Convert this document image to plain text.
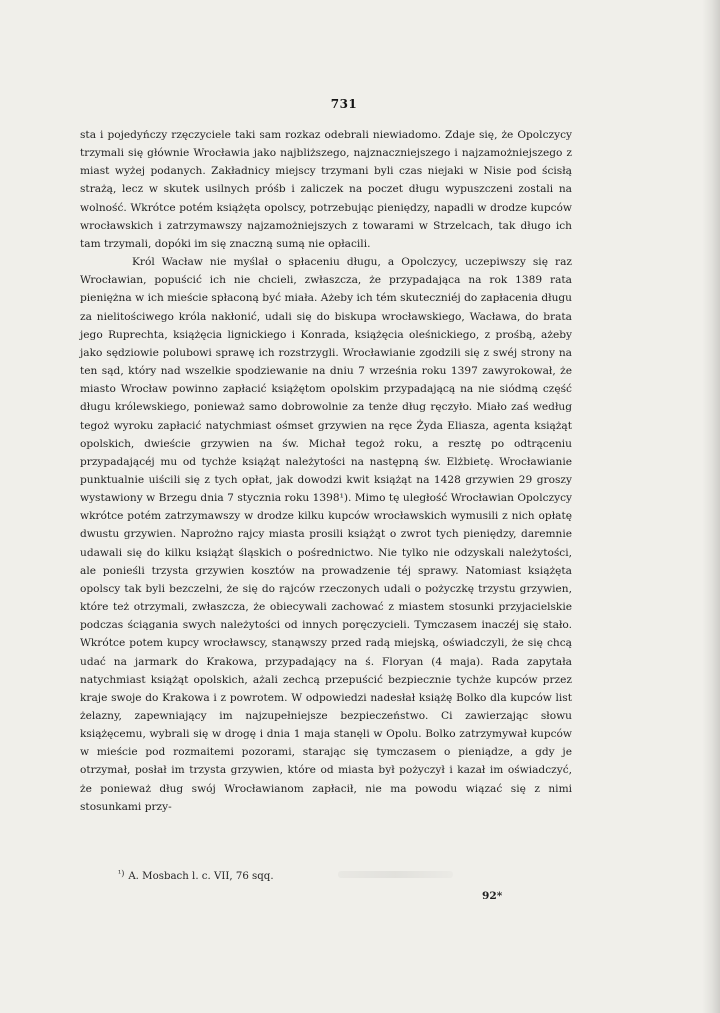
731

sta i pojedyńczy rzęczyciele taki sam rozkaz odebrali niewiadomo. Zdaje się, że Opolczycy trzymali się głównie Wrocławia jako najbliższego, najznaczniejszego i najzamożniejszego z miast wyżej podanych. Zakładnicy miejscy trzymani byli czas niejaki w Nisie pod ścisłą strażą, lecz w skutek usilnych próśb i zaliczek na poczet długu wypuszczeni zostali na wolność. Wkrótce potém książęta opolscy, potrzebując pieniędzy, napadli w drodze kupców wrocławskich i zatrzymawszy najzamożniejszych z towarami w Strzelcach, tak długo ich tam trzymali, dopóki im się znaczną sumą nie opłacili.

Król Wacław nie myślał o spłaceniu długu, a Opolczycy, uczepiwszy się raz Wrocławian, popuścić ich nie chcieli, zwłaszcza, że przypadająca na rok 1389 rata pieniężna w ich mieście spłaconą być miała. Ażeby ich tém skuteczniéj do zapłacenia długu za nielitościwego króla nakłonić, udali się do biskupa wrocławskiego, Wacława, do brata jego Ruprechta, książęcia lignickiego i Konrada, książęcia oleśnickiego, z prośbą, ażeby jako sędziowie polubowi sprawę ich rozstrzygli. Wrocławianie zgodzili się z swéj strony na ten sąd, który nad wszelkie spodziewanie na dniu 7 września roku 1397 zawyrokował, że miasto Wrocław powinno zapłacić książętom opolskim przypadającą na nie siódmą część długu królewskiego, ponieważ samo dobrowolnie za tenże dług ręczyło. Miało zaś według tegoż wyroku zapłacić natychmiast ośmset grzywien na ręce Żyda Eliasza, agenta książąt opolskich, dwieście grzywien na św. Michał tegoż roku, a resztę po odtrąceniu przypadającéj mu od tychże książąt należytości na następną św. Elżbietę. Wrocławianie punktualnie uiścili się z tych opłat, jak dowodzi kwit książąt na 1428 grzywien 29 groszy wystawiony w Brzegu dnia 7 stycznia roku 1398¹). Mimo tę uległość Wrocławian Opolczycy wkrótce potém zatrzymawszy w drodze kilku kupców wrocławskich wymusili z nich opłatę dwustu grzywien. Naprożno rajcy miasta prosili książąt o zwrot tych pieniędzy, daremnie udawali się do kilku książąt śląskich o pośrednictwo. Nie tylko nie odzyskali należytości, ale ponieśli trzysta grzywien kosztów na prowadzenie téj sprawy. Natomiast książęta opolscy tak byli bezczelni, że się do rajców rzeczonych udali o pożyczkę trzystu grzywien, które też otrzymali, zwłaszcza, że obiecywali zachować z miastem stosunki przyjacielskie podczas ściągania swych należytości od innych poręczycieli. Tymczasem inaczéj się stało. Wkrótce potem kupcy wrocławscy, stanąwszy przed radą miejską, oświadczyli, że się chcą udać na jarmark do Krakowa, przypadający na ś. Floryan (4 maja). Rada zapytała natychmiast książąt opolskich, ażali zechcą przepuścić bezpiecznie tychże kupców przez kraje swoje do Krakowa i z powrotem. W odpowiedzi nadesłał książę Bolko dla kupców list żelazny, zapewniający im najzupełniejsze bezpieczeństwo. Ci zawierzając słowu książęcemu, wybrali się w drogę i dnia 1 maja stanęli w Opolu. Bolko zatrzymywał kupców w mieście pod rozmaitemi pozorami, starając się tymczasem o pieniądze, a gdy je otrzymał, posłał im trzysta grzywien, które od miasta był pożyczył i kazał im oświadczyć, że ponieważ dług swój Wrocławianom zapłacił, nie ma powodu wiązać się z nimi stosunkami przy-

$^{^1)}$ A. Mosbach l. c. VII, 76 sqq.
92*
